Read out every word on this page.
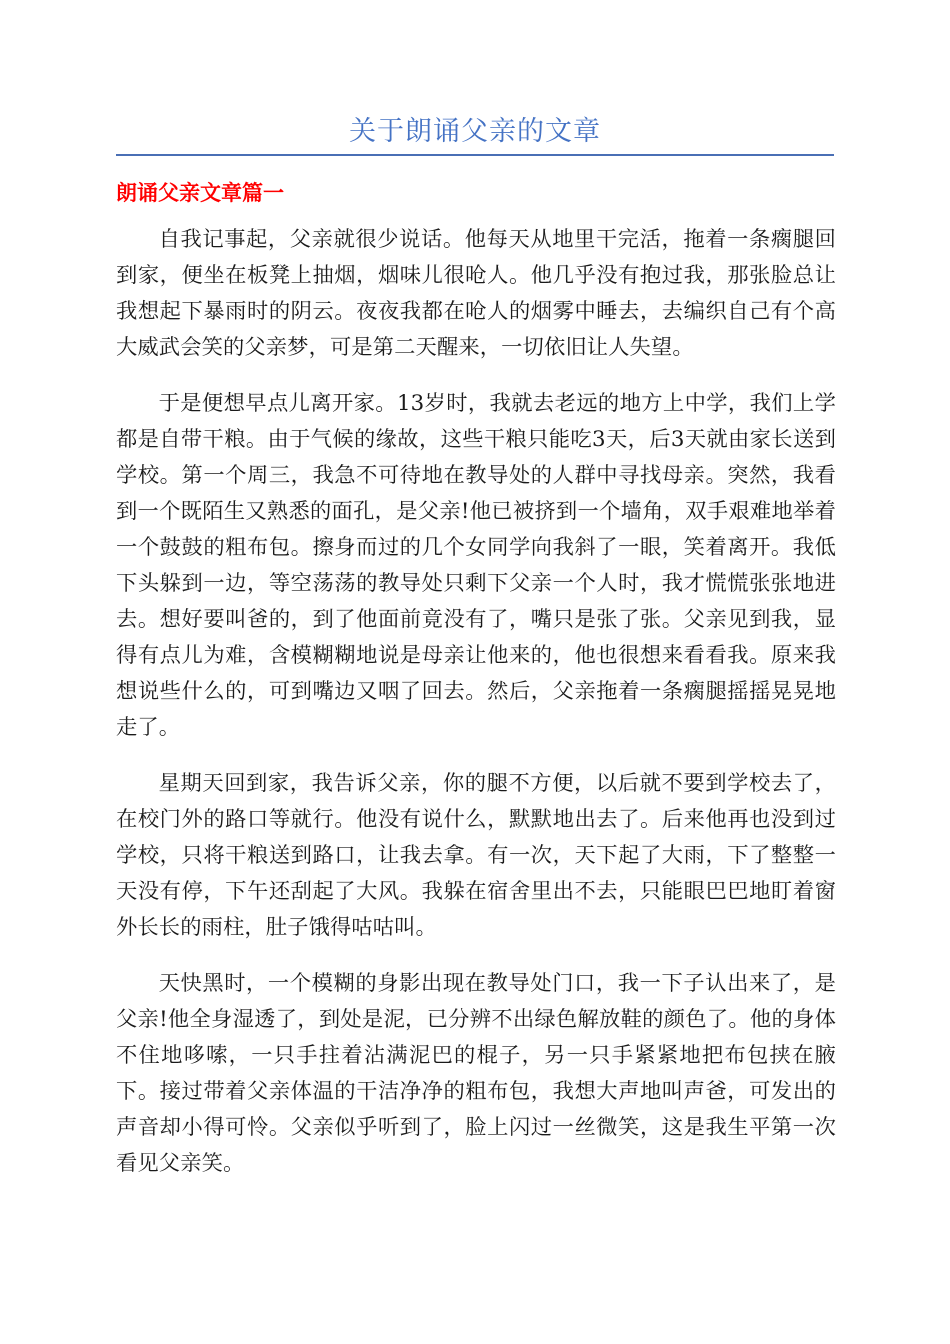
关于朗诵父亲的文章
朗诵父亲文章篇一

自我记事起，父亲就很少说话。他每天从地里干完活，拖着一条瘸腿回到家，便坐在板凳上抽烟，烟味儿很呛人。他几乎没有抱过我，那张脸总让我想起下暴雨时的阴云。夜夜我都在呛人的烟雾中睡去，去编织自己有个高大威武会笑的父亲梦，可是第二天醒来，一切依旧让人失望。

于是便想早点儿离开家。13岁时，我就去老远的地方上中学，我们上学都是自带干粮。由于气候的缘故，这些干粮只能吃3天，后3天就由家长送到学校。第一个周三，我急不可待地在教导处的人群中寻找母亲。突然，我看到一个既陌生又熟悉的面孔，是父亲!他已被挤到一个墙角，双手艰难地举着一个鼓鼓的粗布包。擦身而过的几个女同学向我斜了一眼，笑着离开。我低下头躲到一边，等空荡荡的教导处只剩下父亲一个人时，我才慌慌张张地进去。想好要叫爸的，到了他面前竟没有了，嘴只是张了张。父亲见到我，显得有点儿为难，含模糊糊地说是母亲让他来的，他也很想来看看我。原来我想说些什么的，可到嘴边又咽了回去。然后，父亲拖着一条瘸腿摇摇晃晃地走了。

星期天回到家，我告诉父亲，你的腿不方便，以后就不要到学校去了，在校门外的路口等就行。他没有说什么，默默地出去了。后来他再也没到过学校，只将干粮送到路口，让我去拿。有一次，天下起了大雨，下了整整一天没有停，下午还刮起了大风。我躲在宿舍里出不去，只能眼巴巴地盯着窗外长长的雨柱，肚子饿得咕咕叫。

天快黑时，一个模糊的身影出现在教导处门口，我一下子认出来了，是父亲!他全身湿透了，到处是泥，已分辨不出绿色解放鞋的颜色了。他的身体不住地哆嗦，一只手拄着沾满泥巴的棍子，另一只手紧紧地把布包挟在腋下。接过带着父亲体温的干洁净净的粗布包，我想大声地叫声爸，可发出的声音却小得可怜。父亲似乎听到了，脸上闪过一丝微笑，这是我生平第一次看见父亲笑。
